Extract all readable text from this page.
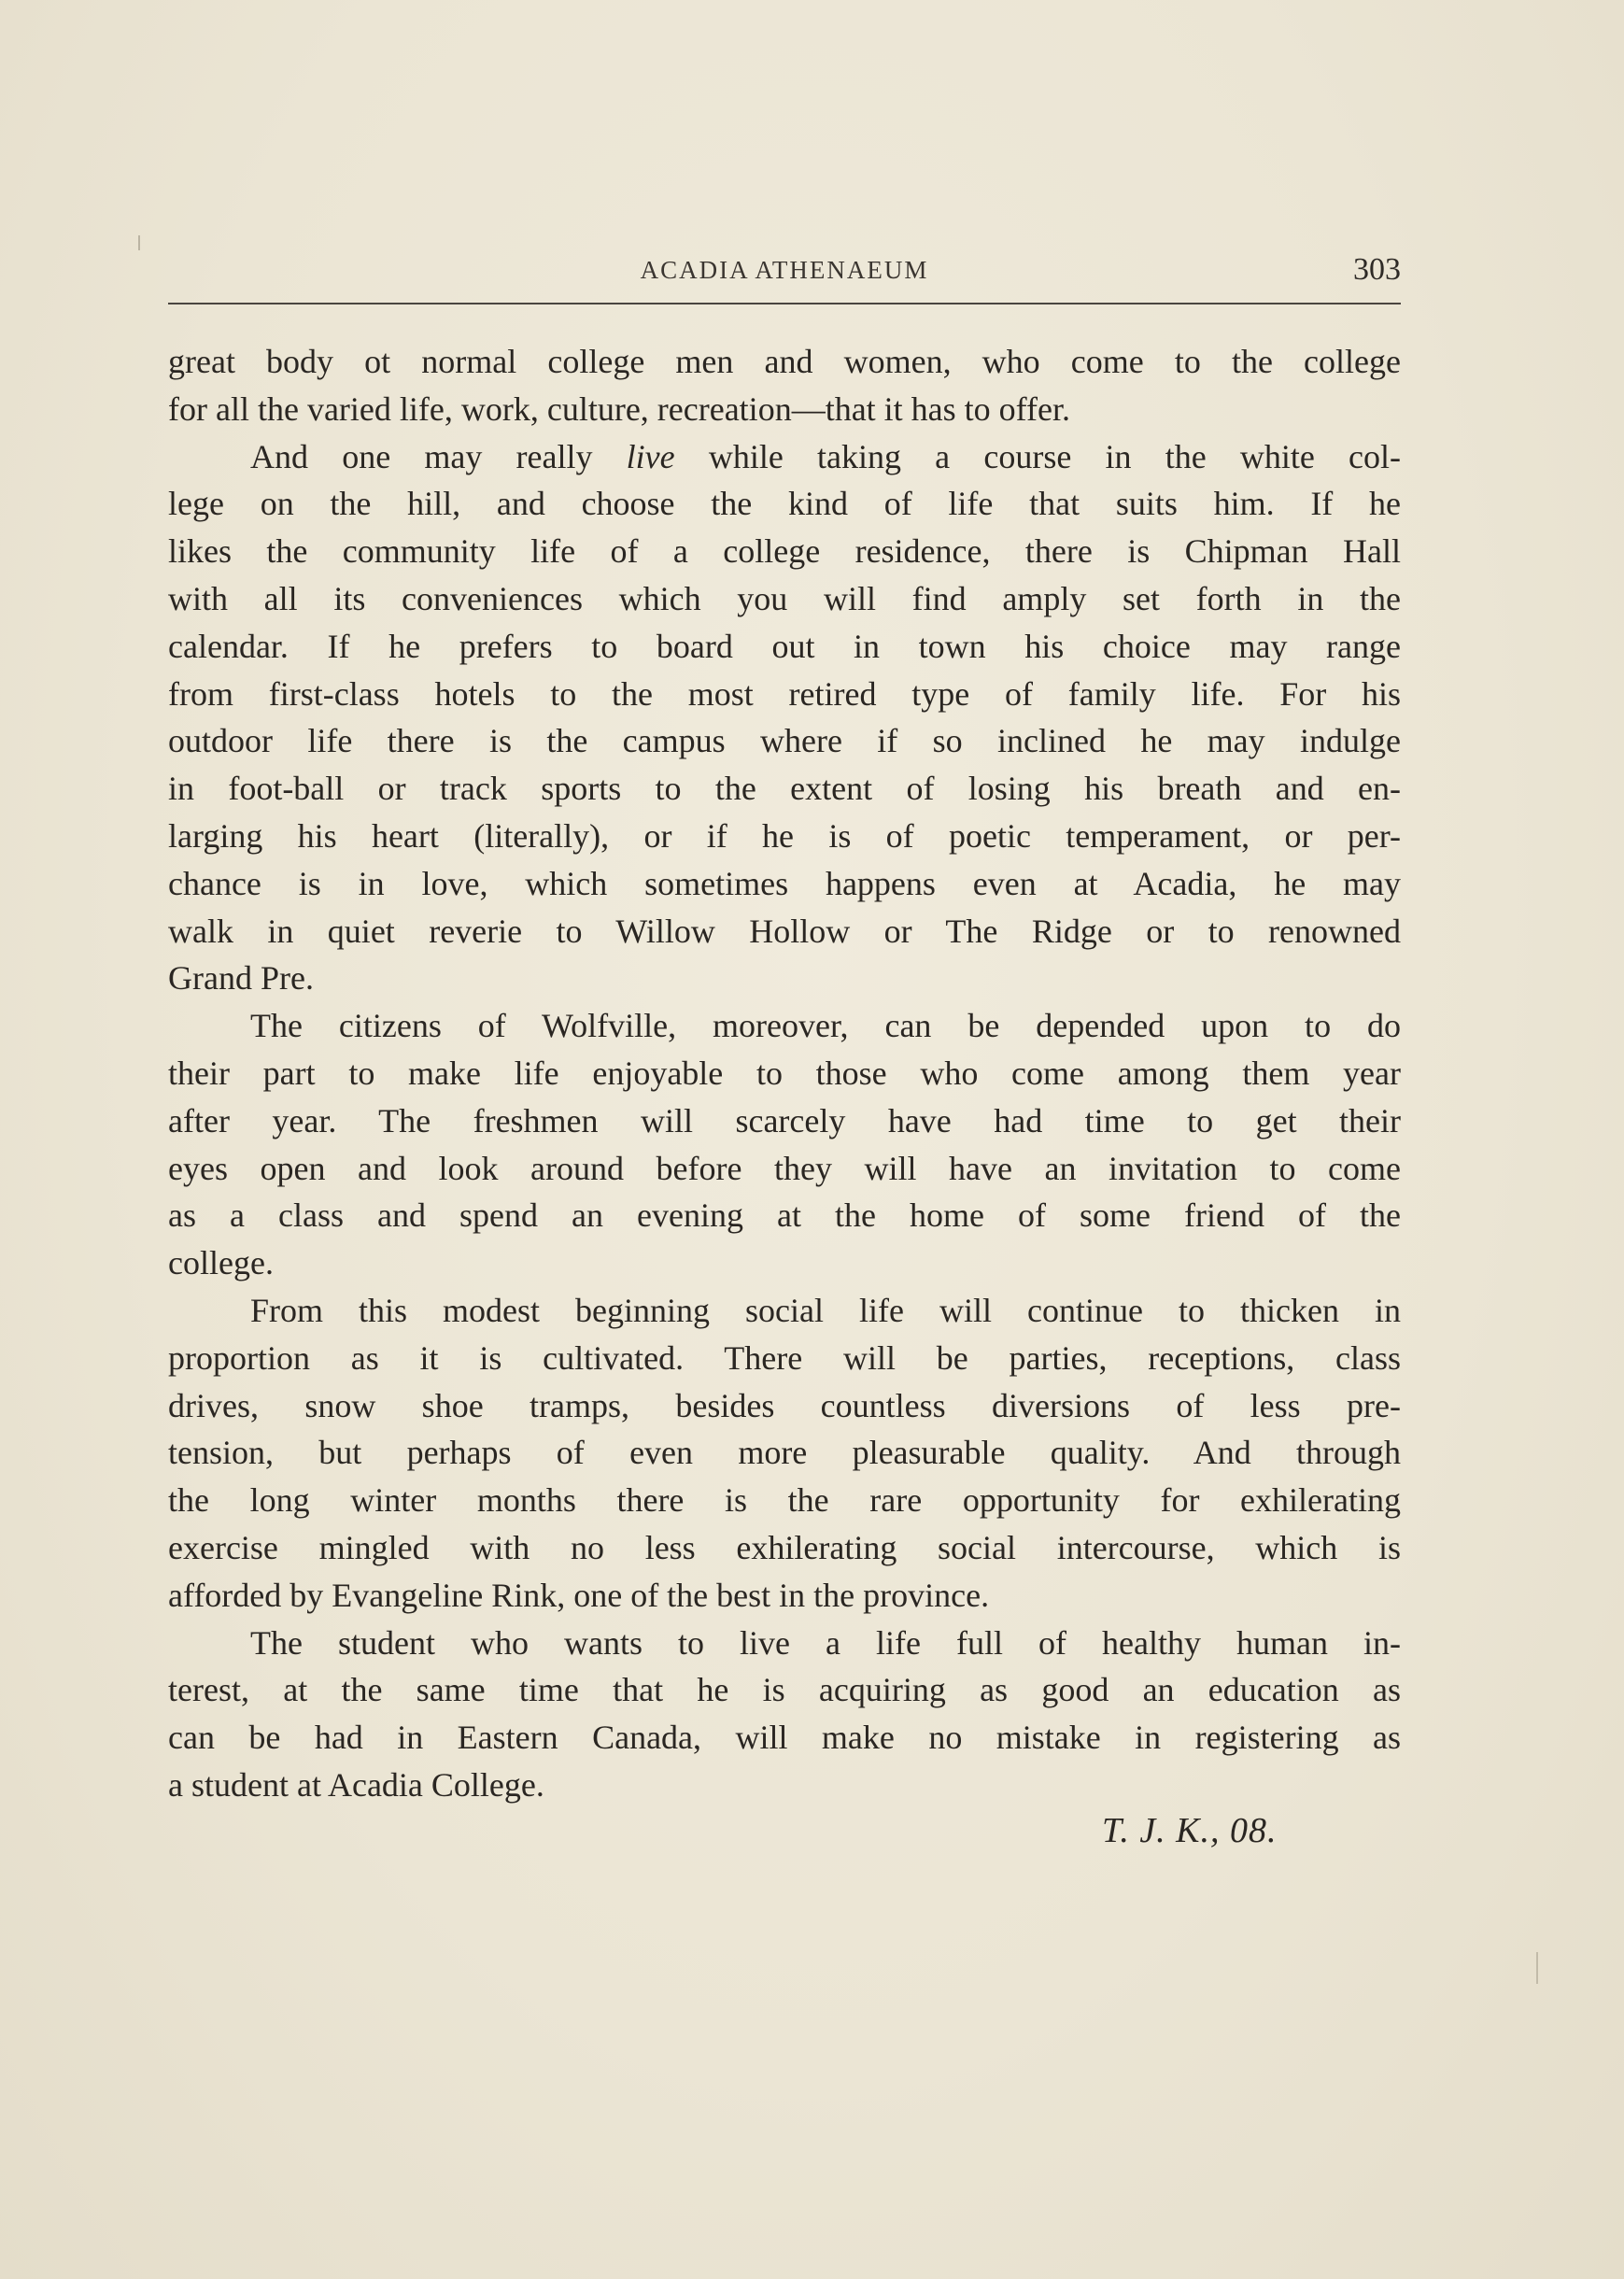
ACADIA ATHENAEUM	303
great body ot normal college men and women, who come to the college
for all the varied life, work, culture, recreation—that it has to offer.
And one may really live while taking a course in the white col-
lege on the hill, and choose the kind of life that suits him. If he
likes the community life of a college residence, there is Chipman Hall
with all its conveniences which you will find amply set forth in the
calendar. If he prefers to board out in town his choice may range
from first-class hotels to the most retired type of family life. For his
outdoor life there is the campus where if so inclined he may indulge
in foot-ball or track sports to the extent of losing his breath and en-
larging his heart (literally), or if he is of poetic temperament, or per-
chance is in love, which sometimes happens even at Acadia, he may
walk in quiet reverie to Willow Hollow or The Ridge or to renowned
Grand Pre.
The citizens of Wolfville, moreover, can be depended upon to do
their part to make life enjoyable to those who come among them year
after year. The freshmen will scarcely have had time to get their
eyes open and look around before they will have an invitation to come
as a class and spend an evening at the home of some friend of the
college.
From this modest beginning social life will continue to thicken in
proportion as it is cultivated. There will be parties, receptions, class
drives, snow shoe tramps, besides countless diversions of less pre-
tension, but perhaps of even more pleasurable quality. And through
the long winter months there is the rare opportunity for exhilerating
exercise mingled with no less exhilerating social intercourse, which is
afforded by Evangeline Rink, one of the best in the province.
The student who wants to live a life full of healthy human in-
terest, at the same time that he is acquiring as good an education as
can be had in Eastern Canada, will make no mistake in registering as
a student at Acadia College.
T. J. K., 08.
